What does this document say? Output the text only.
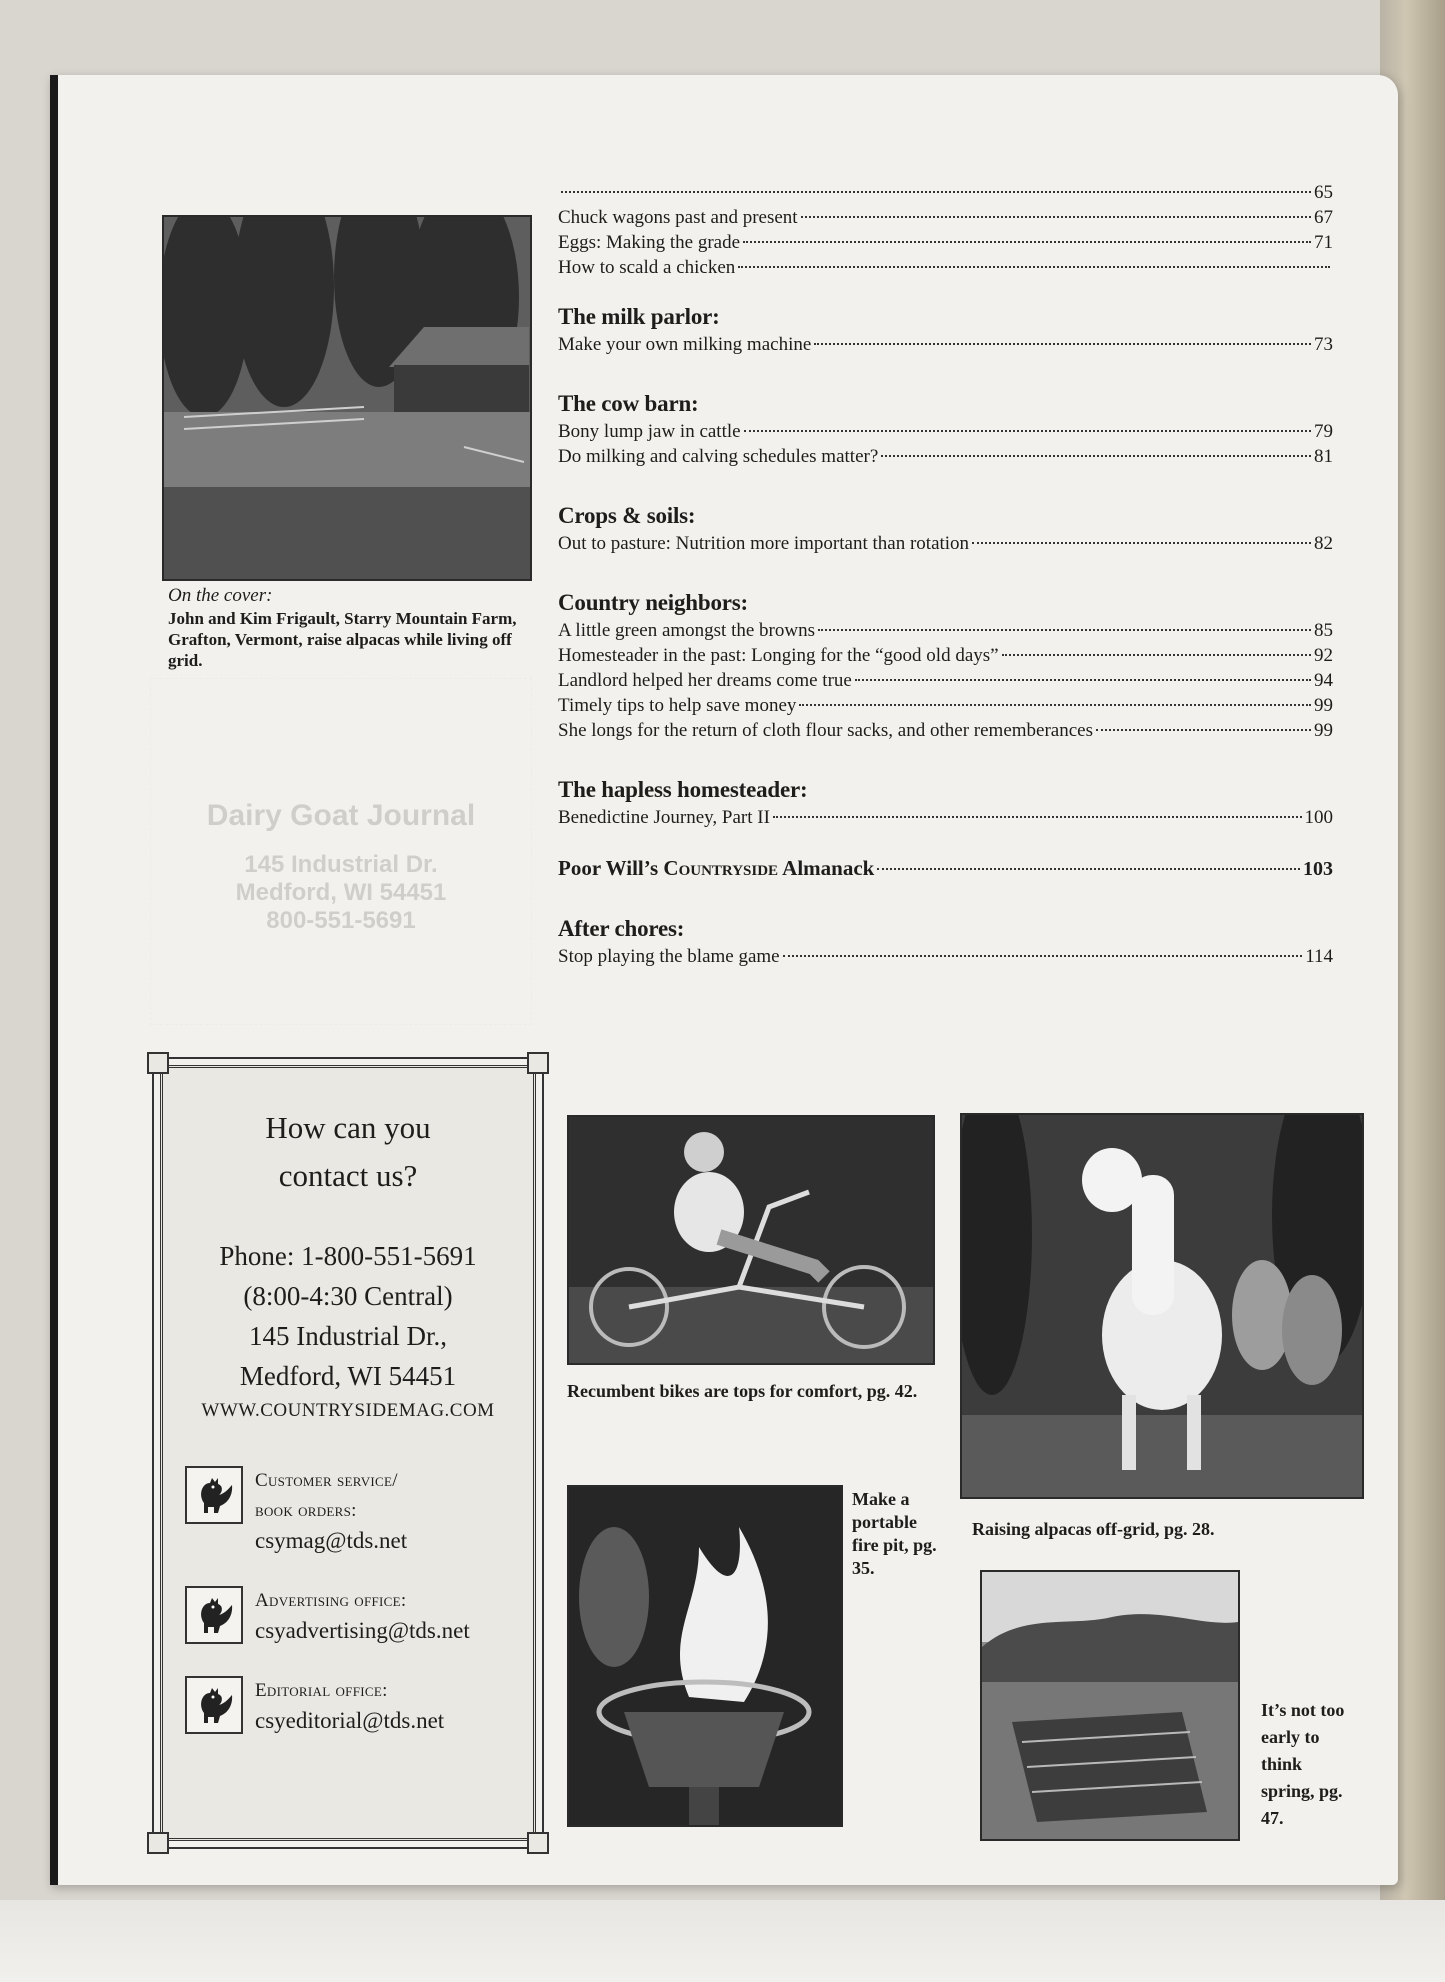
On the cover:
John and Kim Frigault, Starry Mountain Farm, Grafton, Vermont, raise alpacas while living off grid.
Dairy Goat Journal
145 Industrial Dr.
Medford, WI 54451
800-551-5691
65
Chuck wagons past and present	67
Eggs: Making the grade	71
How to scald a chicken
The milk parlor:
Make your own milking machine	73
The cow barn:
Bony lump jaw in cattle	79
Do milking and calving schedules matter?	81
Crops & soils:
Out to pasture: Nutrition more important than rotation	82
Country neighbors:
A little green amongst the browns	85
Homesteader in the past: Longing for the “good old days”	92
Landlord helped her dreams come true	94
Timely tips to help save money	99
She longs for the return of cloth flour sacks, and other rememberances	99
The hapless homesteader:
Benedictine Journey, Part II	100
Poor Will’s Countryside Almanack	103
After chores:
Stop playing the blame game	114
How can you
contact us?
Phone: 1-800-551-5691
(8:00-4:30 Central)
145 Industrial Dr.,
Medford, WI 54451
WWW.COUNTRYSIDEMAG.COM
Customer service/
book orders:
csymag@tds.net
Advertising office:
csyadvertising@tds.net
Editorial office:
csyeditorial@tds.net
Recumbent bikes are tops for comfort, pg. 42.
Raising alpacas off-grid, pg. 28.
Make a portable fire pit, pg. 35.
It’s not too early to think spring, pg. 47.
